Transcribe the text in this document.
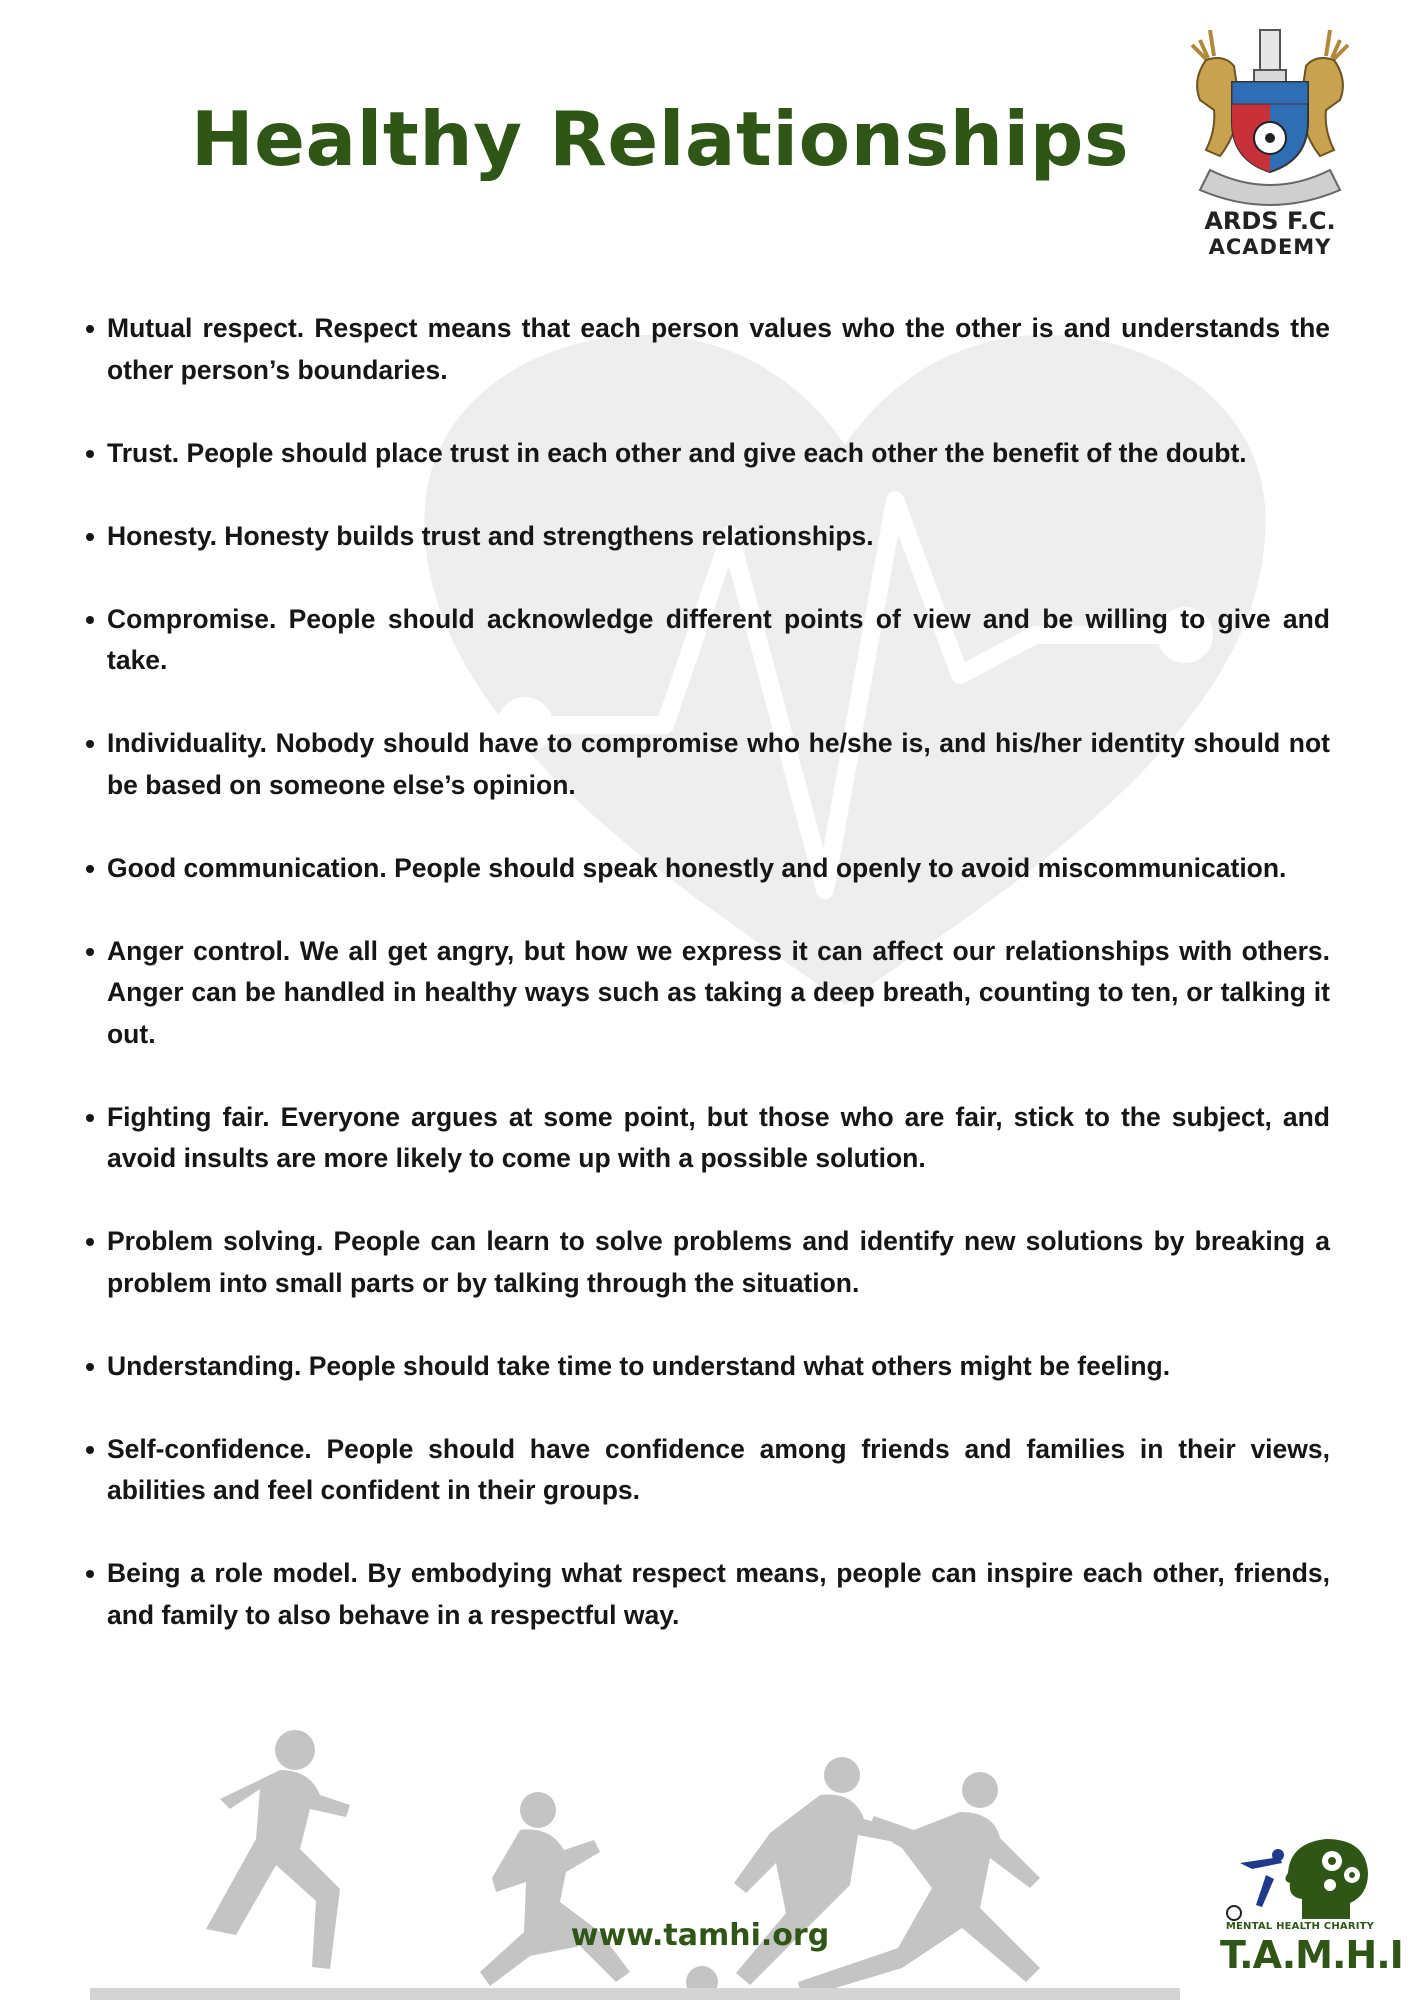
Healthy Relationships
ARDS F.C.
ACADEMY
Mutual respect. Respect means that each person values who the other is and understands the other person’s boundaries.
Trust. People should place trust in each other and give each other the benefit of the doubt.
Honesty. Honesty builds trust and strengthens relationships.
Compromise. People should acknowledge different points of view and be willing to give and take.
Individuality. Nobody should have to compromise who he/she is, and his/her identity should not be based on someone else’s opinion.
Good communication. People should speak honestly and openly to avoid miscommunication.
Anger control. We all get angry, but how we express it can affect our relationships with others. Anger can be handled in healthy ways such as taking a deep breath, counting to ten, or talking it out.
Fighting fair. Everyone argues at some point, but those who are fair, stick to the subject, and avoid insults are more likely to come up with a possible solution.
Problem solving. People can learn to solve problems and identify new solutions by breaking a problem into small parts or by talking through the situation.
Understanding. People should take time to understand what others might be feeling.
Self-confidence. People should have confidence among friends and families in their views, abilities and feel confident in their groups.
Being a role model. By embodying what respect means, people can inspire each other, friends, and family to also behave in a respectful way.
www.tamhi.org	MENTAL HEALTH CHARITY
T.A.M.H.I
